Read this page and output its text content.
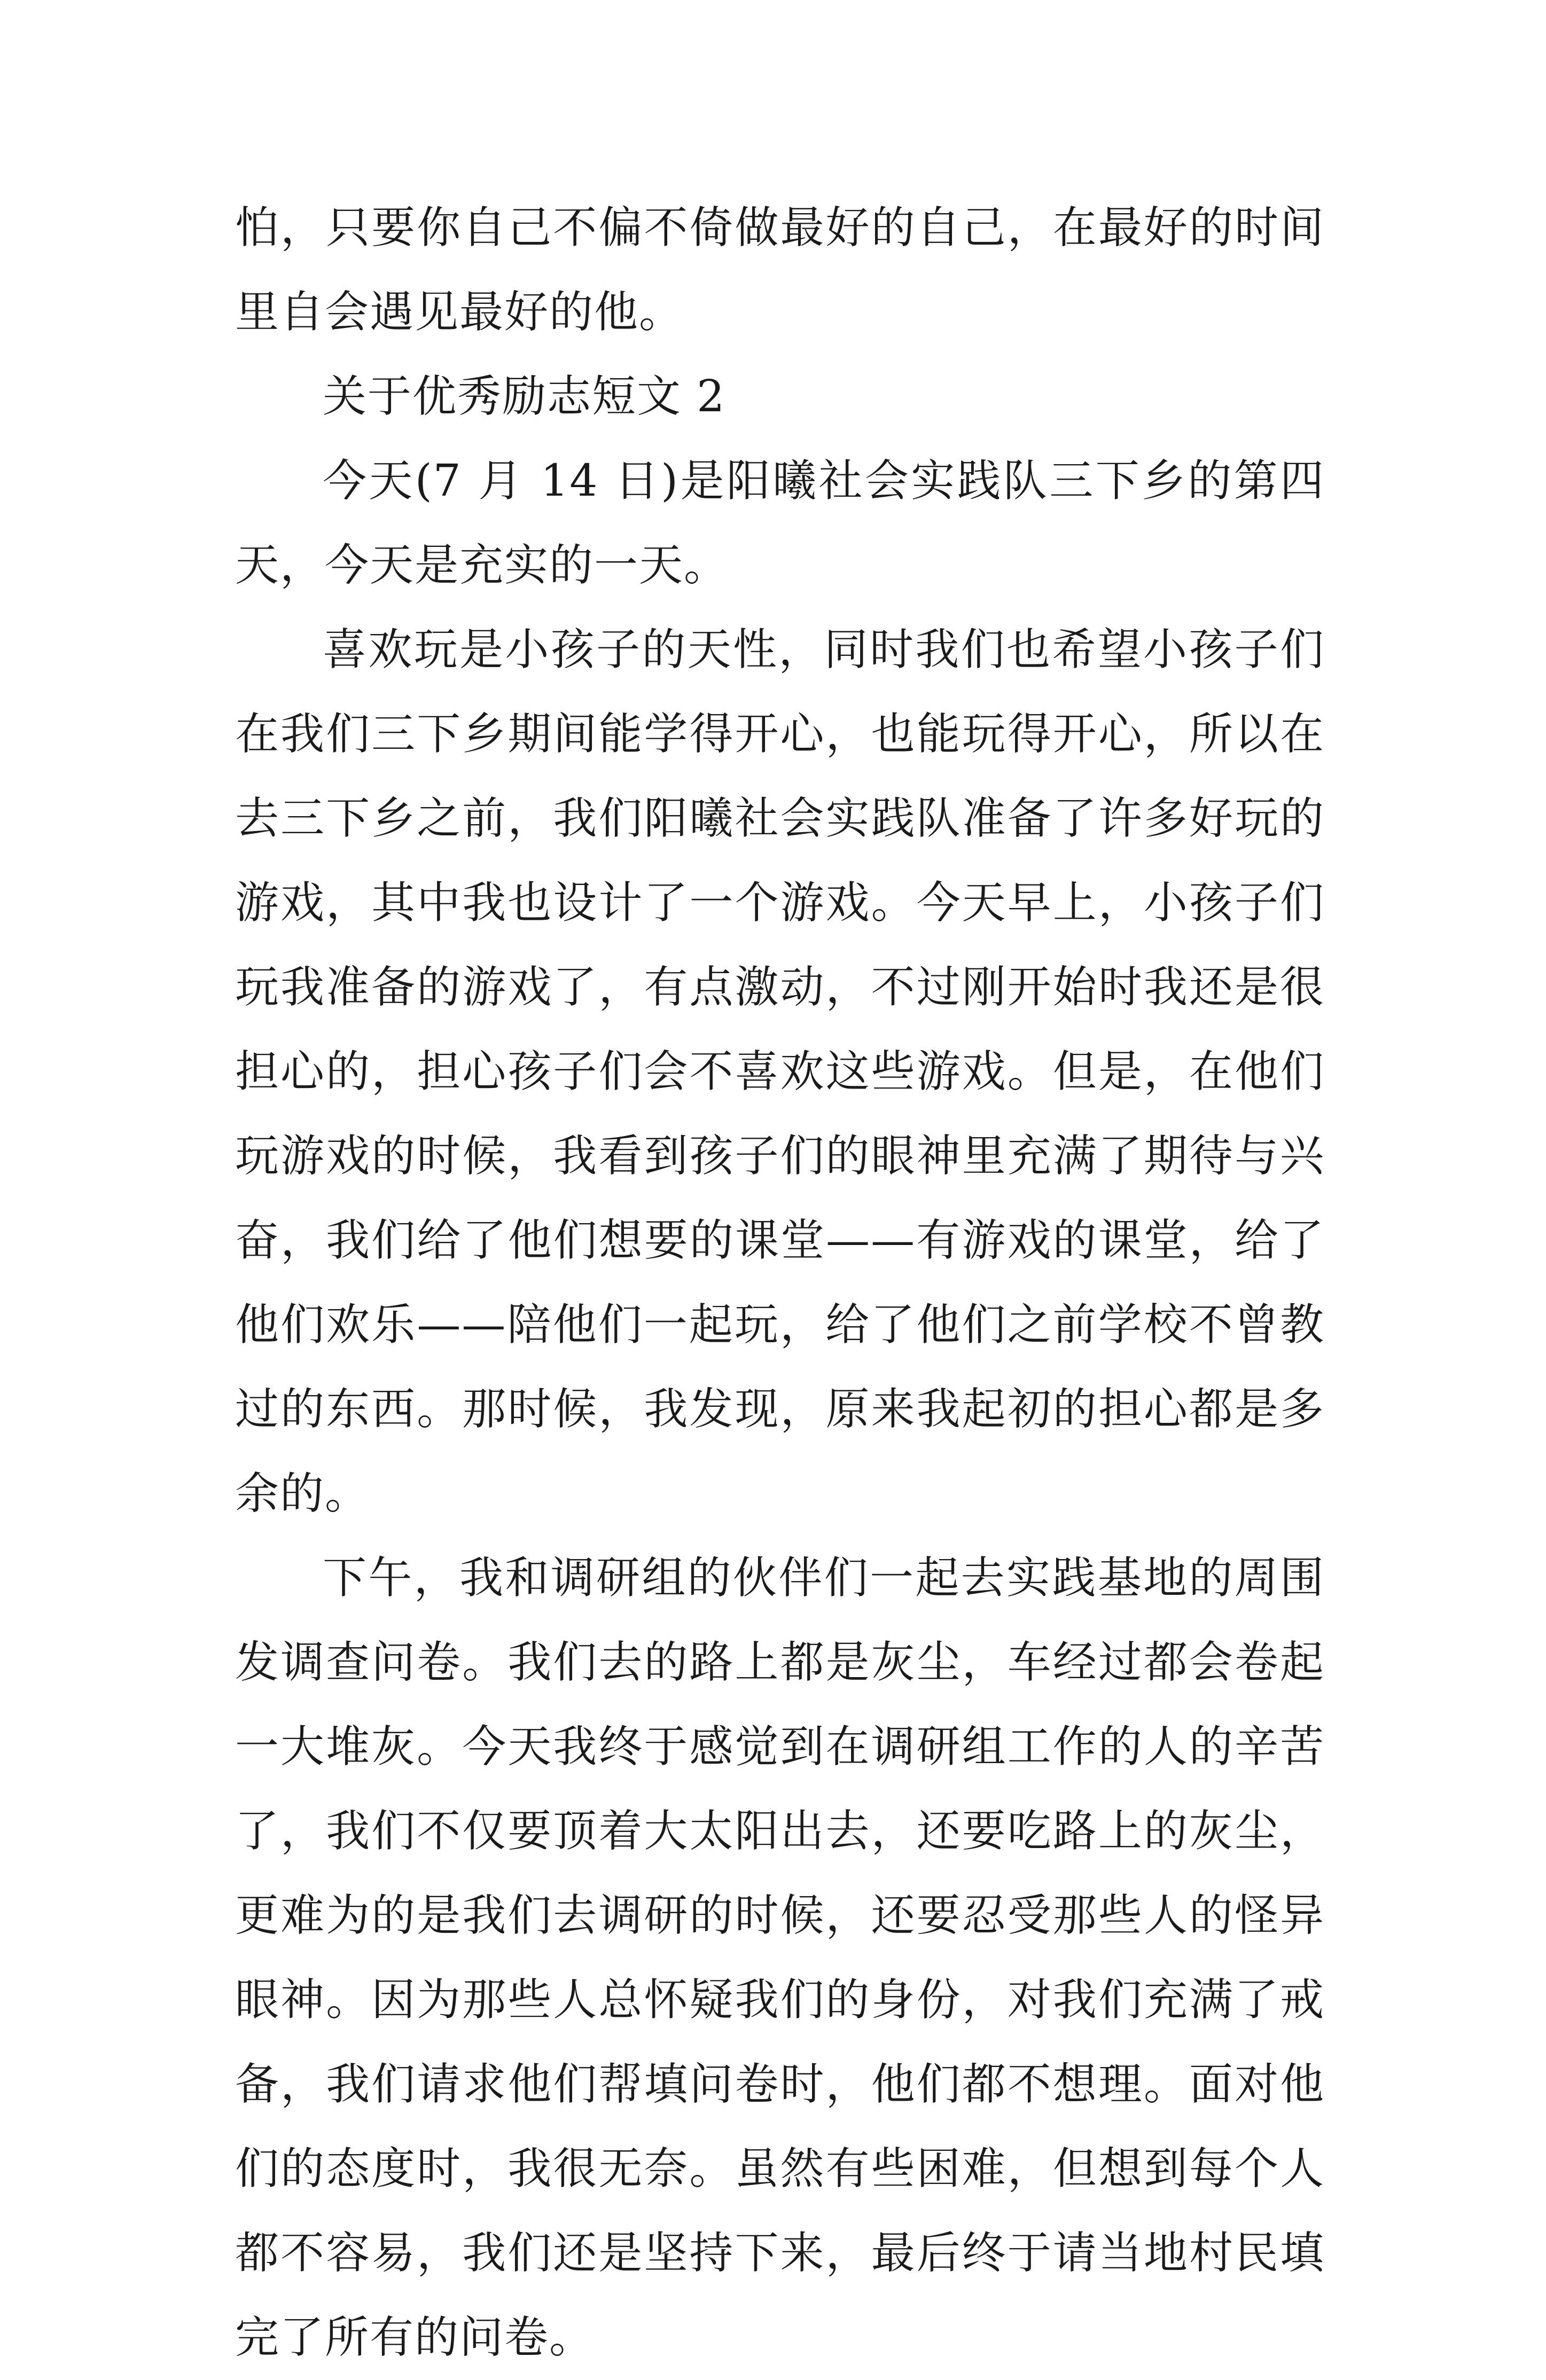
怕，只要你自己不偏不倚做最好的自己，在最好的时间里自会遇见最好的他。

关于优秀励志短文 2

今天(7 月 14 日)是阳曦社会实践队三下乡的第四天，今天是充实的一天。

喜欢玩是小孩子的天性，同时我们也希望小孩子们在我们三下乡期间能学得开心，也能玩得开心，所以在去三下乡之前，我们阳曦社会实践队准备了许多好玩的游戏，其中我也设计了一个游戏。今天早上，小孩子们玩我准备的游戏了，有点激动，不过刚开始时我还是很担心的，担心孩子们会不喜欢这些游戏。但是，在他们玩游戏的时候，我看到孩子们的眼神里充满了期待与兴奋，我们给了他们想要的课堂——有游戏的课堂，给了他们欢乐——陪他们一起玩，给了他们之前学校不曾教过的东西。那时候，我发现，原来我起初的担心都是多余的。

下午，我和调研组的伙伴们一起去实践基地的周围发调查问卷。我们去的路上都是灰尘，车经过都会卷起一大堆灰。今天我终于感觉到在调研组工作的人的辛苦了，我们不仅要顶着大太阳出去，还要吃路上的灰尘，更难为的是我们去调研的时候，还要忍受那些人的怪异眼神。因为那些人总怀疑我们的身份，对我们充满了戒备，我们请求他们帮填问卷时，他们都不想理。面对他们的态度时，我很无奈。虽然有些困难，但想到每个人都不容易，我们还是坚持下来，最后终于请当地村民填完了所有的问卷。
